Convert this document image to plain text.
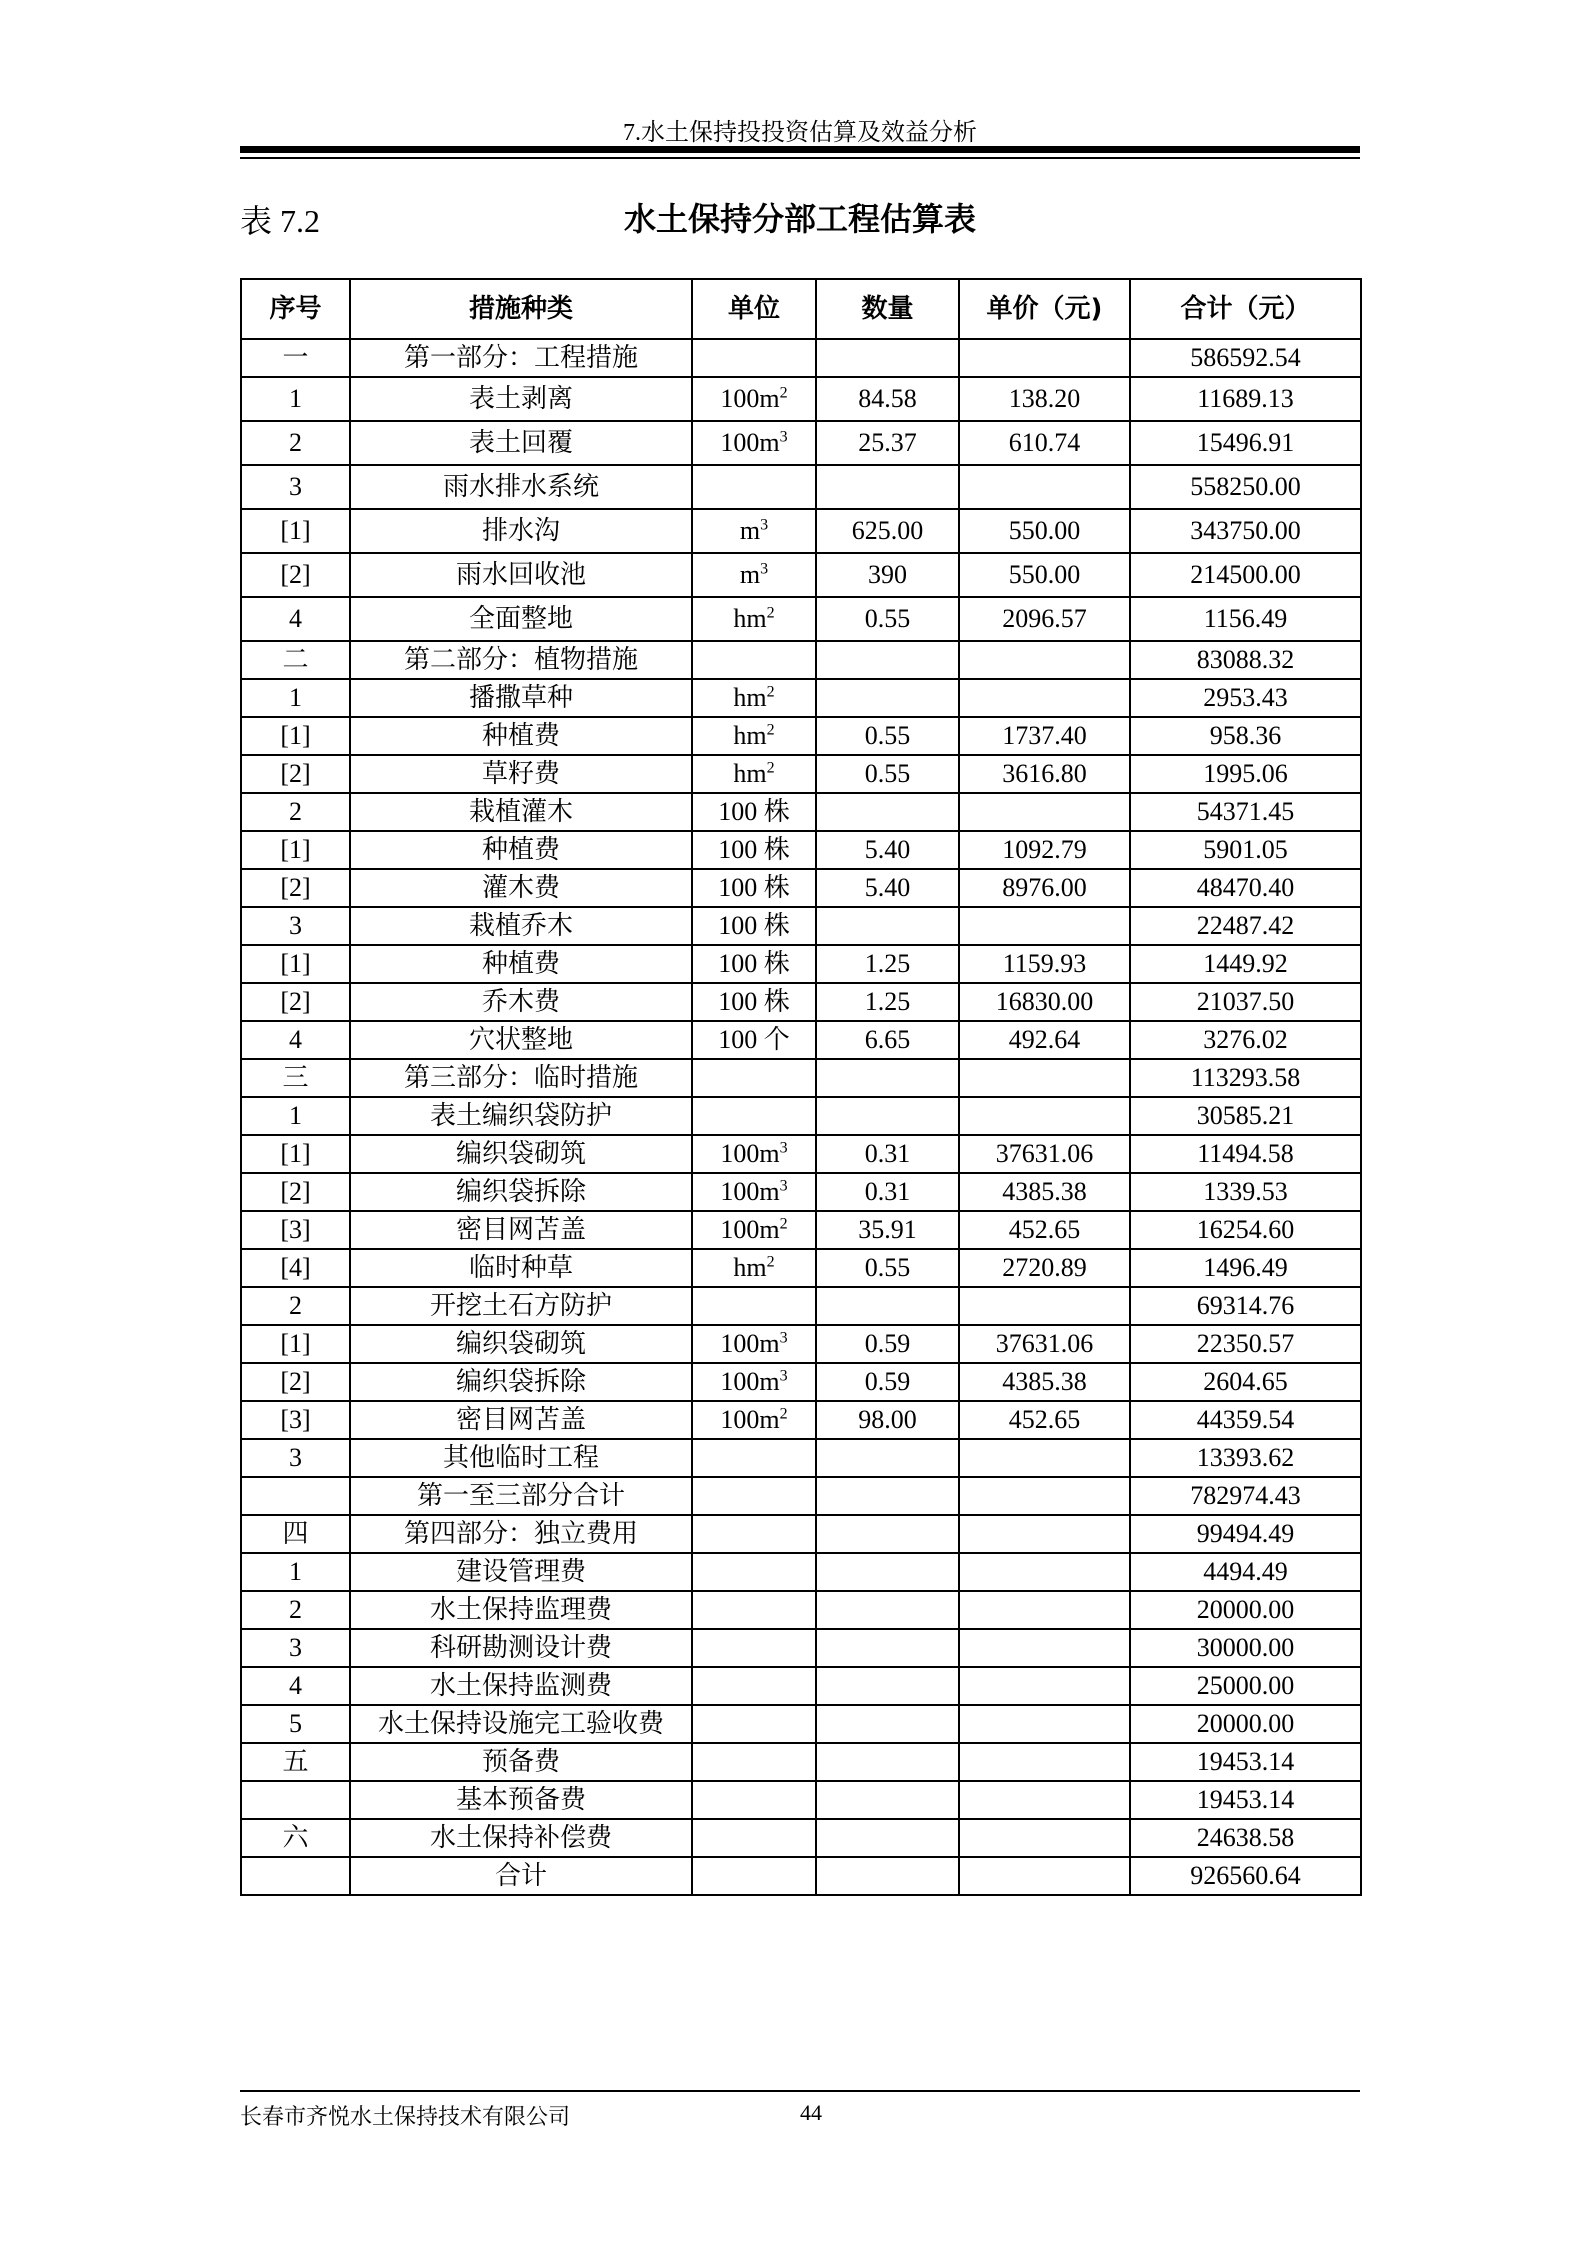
7.水土保持投投资估算及效益分析
水土保持分部工程估算表
表 7.2
序号	措施种类	单位	数量	单价（元)	合计（元）
一	第一部分：工程措施				586592.54
1	表土剥离	$100m^2$	84.58	138.20	11689.13
2	表土回覆	$100m^3$	25.37	610.74	15496.91
3	雨水排水系统				558250.00
[1]	排水沟	$m^3$	625.00	550.00	343750.00
[2]	雨水回收池	$m^3$	390	550.00	214500.00
4	全面整地	$hm^2$	0.55	2096.57	1156.49
二	第二部分：植物措施				83088.32
1	播撒草种	$hm^2$			2953.43
[1]	种植费	$hm^2$	0.55	1737.40	958.36
[2]	草籽费	$hm^2$	0.55	3616.80	1995.06
2	栽植灌木	100 株			54371.45
[1]	种植费	100 株	5.40	1092.79	5901.05
[2]	灌木费	100 株	5.40	8976.00	48470.40
3	栽植乔木	100 株			22487.42
[1]	种植费	100 株	1.25	1159.93	1449.92
[2]	乔木费	100 株	1.25	16830.00	21037.50
4	穴状整地	100 个	6.65	492.64	3276.02
三	第三部分：临时措施				113293.58
1	表土编织袋防护				30585.21
[1]	编织袋砌筑	$100m^3$	0.31	37631.06	11494.58
[2]	编织袋拆除	$100m^3$	0.31	4385.38	1339.53
[3]	密目网苫盖	$100m^2$	35.91	452.65	16254.60
[4]	临时种草	$hm^2$	0.55	2720.89	1496.49
2	开挖土石方防护				69314.76
[1]	编织袋砌筑	$100m^3$	0.59	37631.06	22350.57
[2]	编织袋拆除	$100m^3$	0.59	4385.38	2604.65
[3]	密目网苫盖	$100m^2$	98.00	452.65	44359.54
3	其他临时工程				13393.62
	第一至三部分合计				782974.43
四	第四部分：独立费用				99494.49
1	建设管理费				4494.49
2	水土保持监理费				20000.00
3	科研勘测设计费				30000.00
4	水土保持监测费				25000.00
5	水土保持设施完工验收费				20000.00
五	预备费				19453.14
	基本预备费				19453.14
六	水土保持补偿费				24638.58
	合计				926560.64
长春市齐悦水土保持技术有限公司	44
